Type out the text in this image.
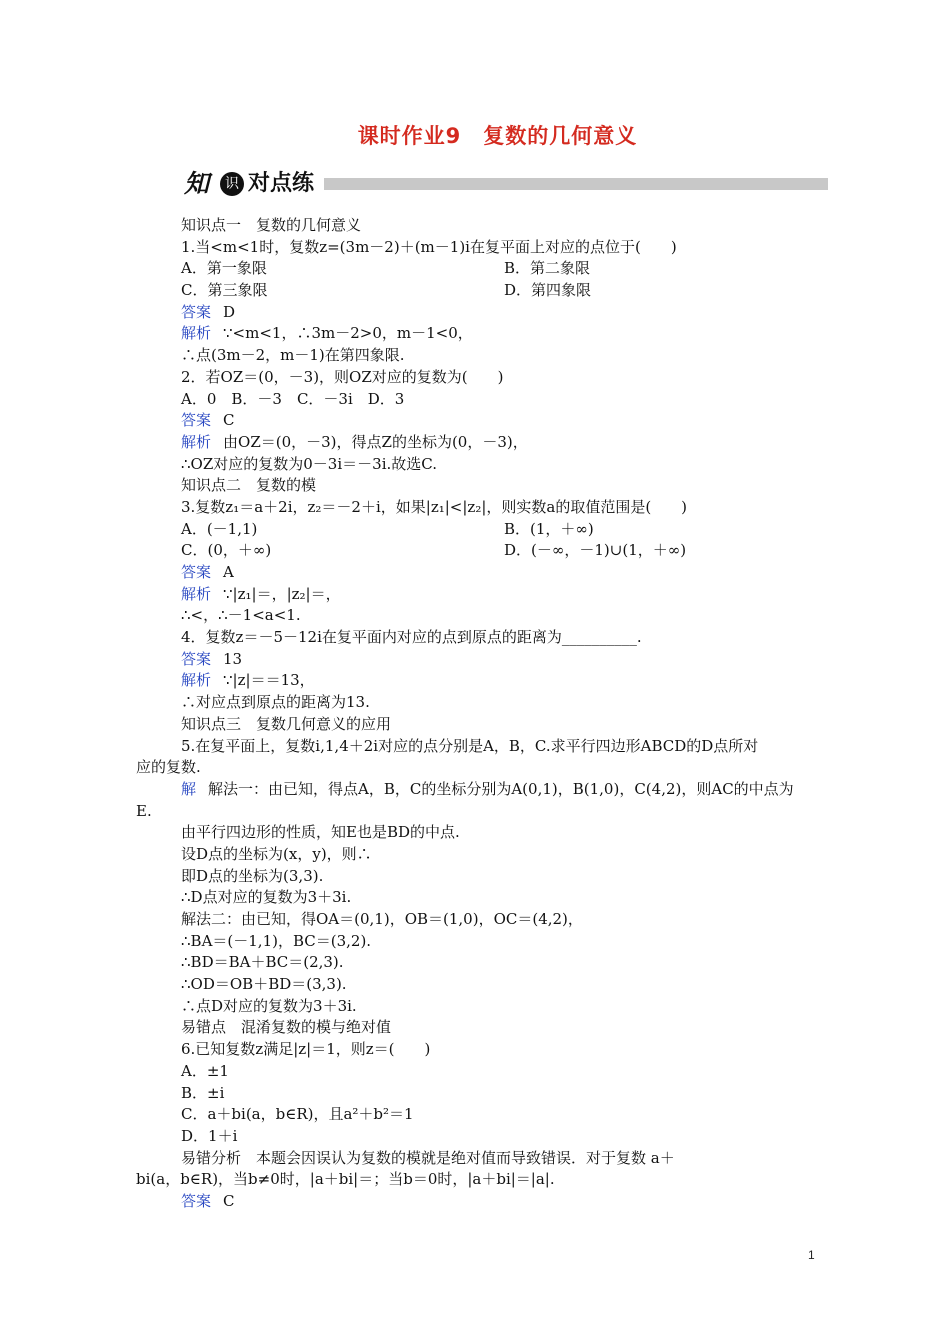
课时作业9　复数的几何意义
知	识 对点练
知识点一　复数的几何意义
1.当<m<1时，复数z=(3m－2)＋(m－1)i在复平面上对应的点位于(　　)
A．第一象限	B．第二象限
C．第三象限	D．第四象限
答案 D
解析 ∵<m<1，∴3m－2>0，m－1<0，
∴点(3m－2，m－1)在第四象限.
2．若OZ＝(0，－3)，则OZ对应的复数为(　　)
A．0　B．－3　C．－3i　D．3
答案 C
解析 由OZ＝(0，－3)，得点Z的坐标为(0，－3)，
∴OZ对应的复数为0－3i＝－3i.故选C.
知识点二　复数的模
3.复数z₁＝a＋2i，z₂＝－2＋i，如果|z₁|<|z₂|，则实数a的取值范围是(　　)
A．(－1,1)	B．(1，＋∞)
C．(0，＋∞)	D．(－∞，－1)∪(1，＋∞)
答案 A
解析 ∵|z₁|＝，|z₂|＝，
∴<，∴－1<a<1.
4．复数z＝－5－12i在复平面内对应的点到原点的距离为__________.
答案 13
解析 ∵|z|＝＝13，
∴对应点到原点的距离为13.
知识点三　复数几何意义的应用
5.在复平面上，复数i,1,4＋2i对应的点分别是A，B，C.求平行四边形ABCD的D点所对
应的复数.
解 解法一：由已知，得点A，B，C的坐标分别为A(0,1)，B(1,0)，C(4,2)，则AC的中点为
E.
由平行四边形的性质，知E也是BD的中点.
设D点的坐标为(x，y)，则∴
即D点的坐标为(3,3).
∴D点对应的复数为3＋3i.
解法二：由已知，得OA＝(0,1)，OB＝(1,0)，OC＝(4,2)，
∴BA＝(－1,1)，BC＝(3,2).
∴BD＝BA＋BC＝(2,3).
∴OD＝OB＋BD＝(3,3).
∴点D对应的复数为3＋3i.
易错点　混淆复数的模与绝对值
6.已知复数z满足|z|＝1，则z＝(　　)
A．±1
B．±i
C．a＋bi(a，b∈R)，且a²＋b²＝1
D．1＋i
易错分析　本题会因误认为复数的模就是绝对值而导致错误．对于复数 a＋
bi(a，b∈R)，当b≠0时，|a＋bi|＝；当b＝0时，|a＋bi|＝|a|.
答案 C
1
